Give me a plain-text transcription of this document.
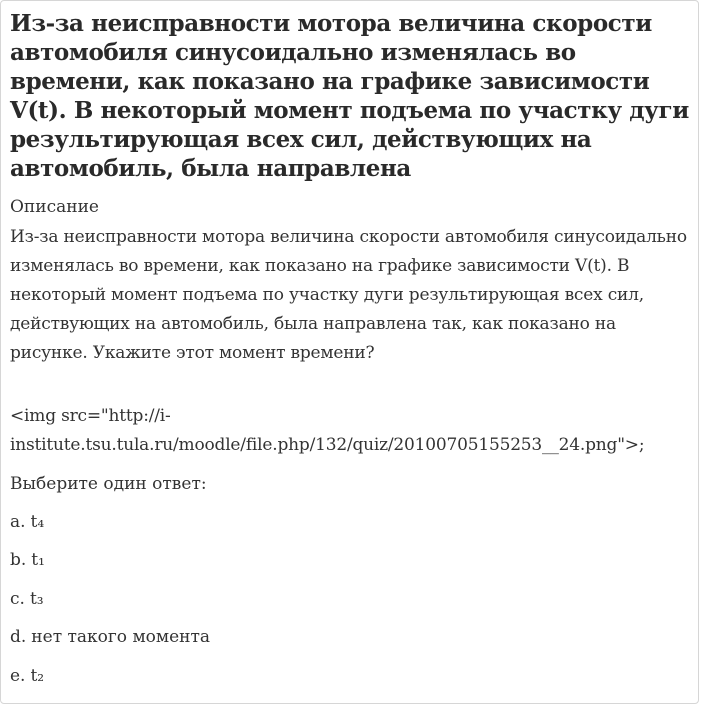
Из-за неисправности мотора величина скорости автомобиля синусоидально изменялась во времени, как показано на графике зависимости V(t). В некоторый момент подъема по участку дуги результирующая всех сил, действующих на автомобиль, была направлена
Описание

Из-за неисправности мотора величина скорости автомобиля синусоидально изменялась во времени, как показано на графике зависимости V(t). В некоторый момент подъема по участку дуги результирующая всех сил, действующих на автомобиль, была направлена так, как показано на рисунке. Укажите этот момент времени?

<img src="http://i-institute.tsu.tula.ru/moodle/file.php/132/quiz/20100705155253__24.png">;

Выберите один ответ:
a. t₄
b. t₁
c. t₃
d. нет такого момента
e. t₂
